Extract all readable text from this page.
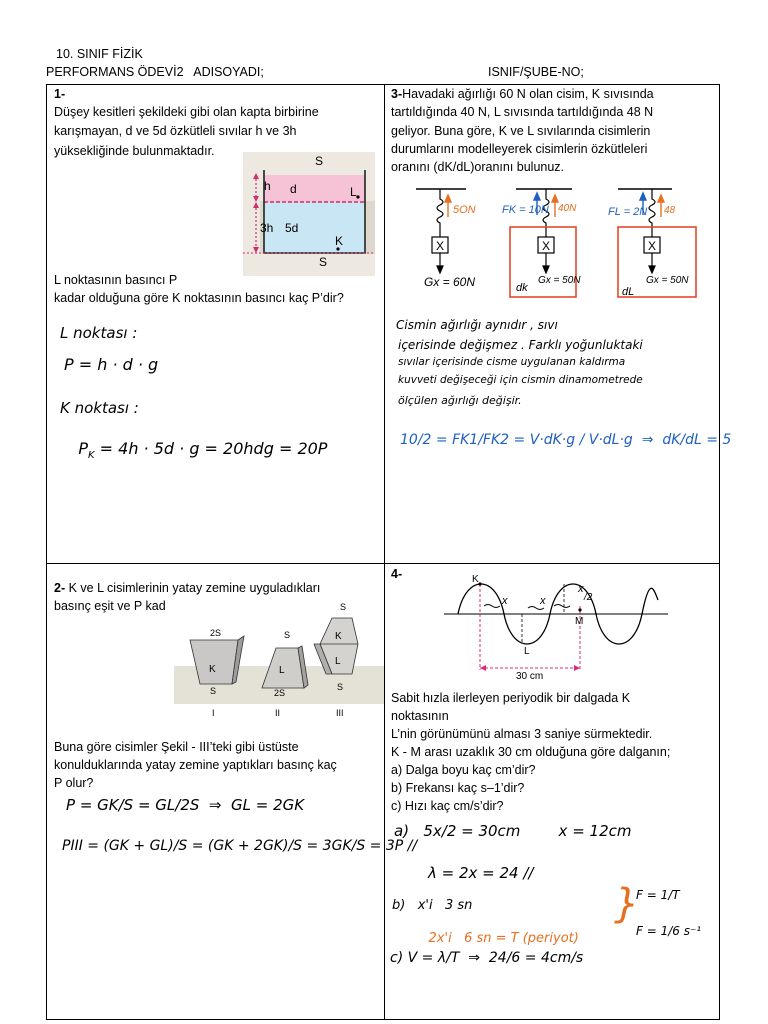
10. SINIF FİZİK
PERFORMANS ÖDEVİ2   ADISOYADI;	ISNIF/ŞUBE-NO;
1-
Düşey kesitleri şekildeki gibi olan kapta birbirine
karışmayan, d ve 5d özkütleli sıvılar h ve 3h
yüksekliğinde bulunmaktadır.
S
h d	L
3h 5d
K
S
L noktasının basıncı P
kadar olduğuna göre K noktasının basıncı kaç P’dir?
L noktası :
P = h · d · g
K noktası :

$P_K = 4h \cdot 5d \cdot g = 20hdg = 20P$

2- K ve L cisimlerinin yatay zemine uyguladıkları
basınç eşit ve P kad
2S
K
S
S
L
2S
S
K
L
S
I	II	III
Buna göre cisimler Şekil - III’teki gibi üstüste
konulduklarında yatay zemine yaptıkları basınç kaç
P olur?
P = GK/S = GL/2S  ⇒  GL = 2GK
PIII = (GK + GL)/S = (GK + 2GK)/S = 3GK/S = 3P //
3-Havadaki ağırlığı 60 N olan cisim, K sıvısında
tartıldığında 40 N, L sıvısında tartıldığında 48 N
geliyor. Buna göre, K ve L sıvılarında cisimlerin
durumlarını modelleyerek cisimlerin özkütleleri
oranını (dK/dL)oranını bulunuz.
X	X	X
5ON FK = 10N 40N	FL = 2N 48
Gx = 60N	dk
Gx = 50N
dL
Gx = 50N
Cismin ağırlığı aynıdır , sıvı
içerisinde değişmez . Farklı yoğunluktaki
sıvılar içerisinde cisme uygulanan kaldırma
kuvveti değişeceği için cismin dinamometrede
ölçülen ağırlığı değişir.
10/2 = FK1/FK2 = V·dK·g / V·dL·g  ⇒  dK/dL = 5
4-	K
L
M
x	x
x
/2
30 cm
Sabit hızla ilerleyen periyodik bir dalgada K
noktasının
L’nin görünümünü alması 3 saniye sürmektedir.
K - M arası uzaklık 30 cm olduğuna göre dalganın;
a) Dalga boyu kaç cm’dir?
b) Frekansı kaç s–1’dir?
c) Hızı kaç cm/s’dir?
a)   5x/2 = 30cm        x = 12cm
λ = 2x = 24 //
b)   x'i   3 sn

2x'i   6 sn = T (periyot)

}
F = 1/T
F = 1/6 s⁻¹
c) V = λ/T  ⇒  24/6 = 4cm/s
